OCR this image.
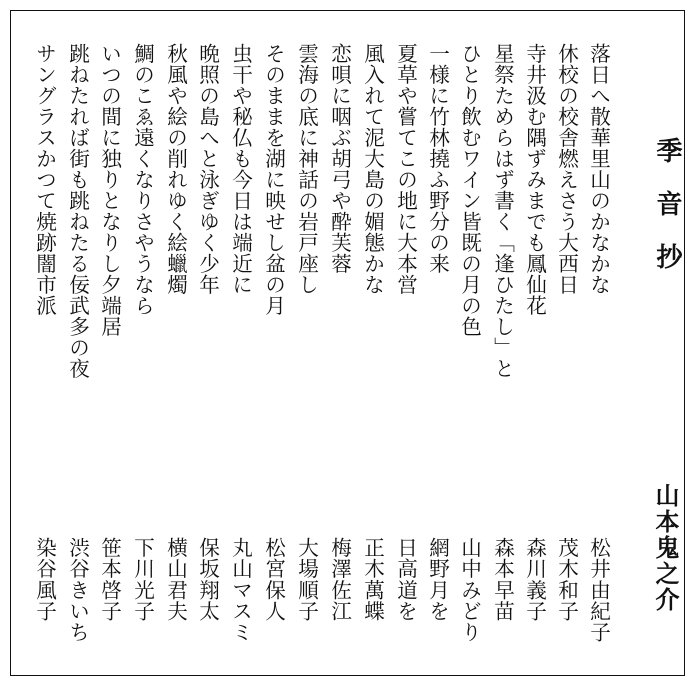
季音抄
山本鬼之介
落日へ散華里山のかなかな
松井由紀子
休校の校舎燃えさう大西日
茂木和子
寺井汲む隅ずみまでも鳳仙花
森川義子
星祭ためらはず書く「逢ひたし」と
森本早苗
ひとり飲むワイン皆既の月の色
山中みどり
一様に竹林撓ふ野分の来
網野月を
夏草や嘗てこの地に大本営
日高道を
風入れて泥大島の媚態かな
正木萬蝶
恋唄に咽ぶ胡弓や酔芙蓉
梅澤佐江
雲海の底に神話の岩戸座し
大場順子
そのままを湖に映せし盆の月
松宮保人
虫干や秘仏も今日は端近に
丸山マスミ
晩照の島へと泳ぎゆく少年
保坂翔太
秋風や絵の削れゆく絵蠟燭
横山君夫
鯛のこゑ遠くなりさやうなら
下川光子
いつの間に独りとなりし夕端居
笹本啓子
跳ねたれば街も跳ねたる佞武多の夜
渋谷きいち
サングラスかつて焼跡闇市派
染谷風子
